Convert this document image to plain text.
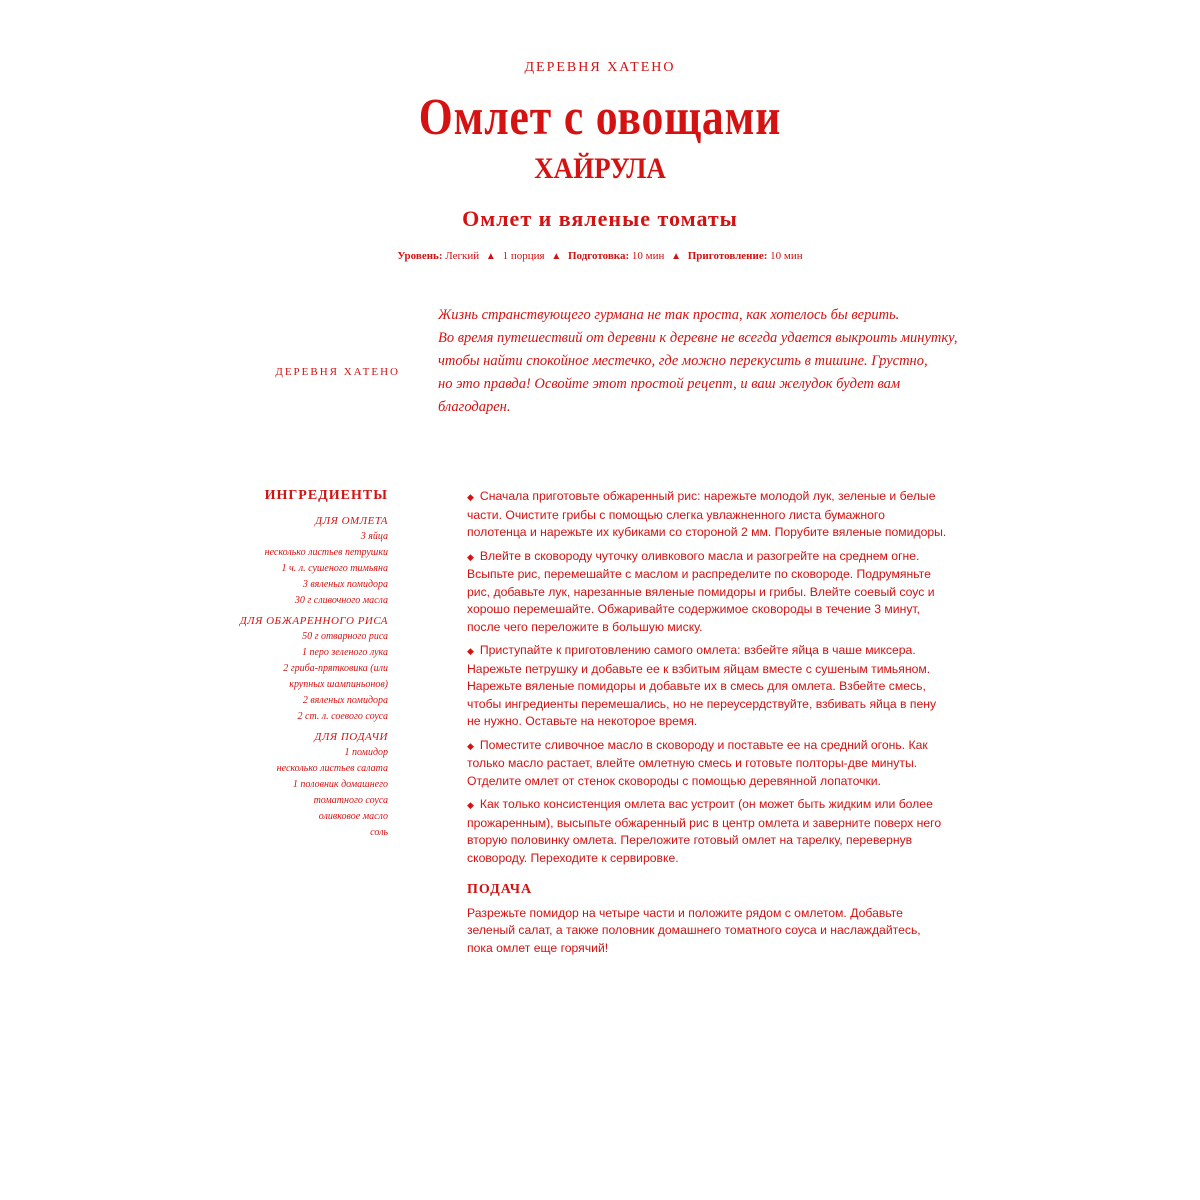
ДЕРЕВНЯ ХАТЕНО
Омлет с овощами
ХАЙРУЛА
Омлет и вяленые томаты
Уровень: Легкий ▲ 1 порция ▲ Подготовка: 10 мин ▲ Приготовление: 10 мин
ДЕРЕВНЯ ХАТЕНО

Жизнь странствующего гурмана не так проста, как хотелось бы верить.

Во время путешествий от деревни к деревне не всегда удается выкроить минутку,

чтобы найти спокойное местечко, где можно перекусить в тишине. Грустно,

но это правда! Освойте этот простой рецепт, и ваш желудок будет вам

благодарен.

ИНГРЕДИЕНТЫ
ДЛЯ ОМЛЕТА
3 яйца
несколько листьев петрушки
1 ч. л. сушеного тимьяна
3 вяленых помидора
30 г сливочного масла
ДЛЯ ОБЖАРЕННОГО РИСА
50 г отварного риса
1 перо зеленого лука
2 гриба-прятковика (или
крупных шампиньонов)
2 вяленых помидора
2 ст. л. соевого соуса
ДЛЯ ПОДАЧИ
1 помидор
несколько листьев салата
1 половник домашнего
томатного соуса
оливковое масло
соль

◆ Сначала приготовьте обжаренный рис: нарежьте молодой лук, зеленые и белые части. Очистите грибы с помощью слегка увлажненного листа бумажного полотенца и нарежьте их кубиками со стороной 2 мм. Порубите вяленые помидоры.

◆ Влейте в сковороду чуточку оливкового масла и разогрейте на среднем огне. Всыпьте рис, перемешайте с маслом и распределите по сковороде. Подрумяньте рис, добавьте лук, нарезанные вяленые помидоры и грибы. Влейте соевый соус и хорошо перемешайте. Обжаривайте содержимое сковороды в течение 3 минут, после чего переложите в большую миску.

◆ Приступайте к приготовлению самого омлета: взбейте яйца в чаше миксера. Нарежьте петрушку и добавьте ее к взбитым яйцам вместе с сушеным тимьяном. Нарежьте вяленые помидоры и добавьте их в смесь для омлета. Взбейте смесь, чтобы ингредиенты перемешались, но не переусердствуйте, взбивать яйца в пену не нужно. Оставьте на некоторое время.

◆ Поместите сливочное масло в сковороду и поставьте ее на средний огонь. Как только масло растает, влейте омлетную смесь и готовьте полторы-две минуты. Отделите омлет от стенок сковороды с помощью деревянной лопаточки.

◆ Как только консистенция омлета вас устроит (он может быть жидким или более прожаренным), высыпьте обжаренный рис в центр омлета и заверните поверх него вторую половинку омлета. Переложите готовый омлет на тарелку, перевернув сковороду. Переходите к сервировке.

ПОДАЧА

Разрежьте помидор на четыре части и положите рядом с омлетом. Добавьте зеленый салат, а также половник домашнего томатного соуса и наслаждайтесь, пока омлет еще горячий!
